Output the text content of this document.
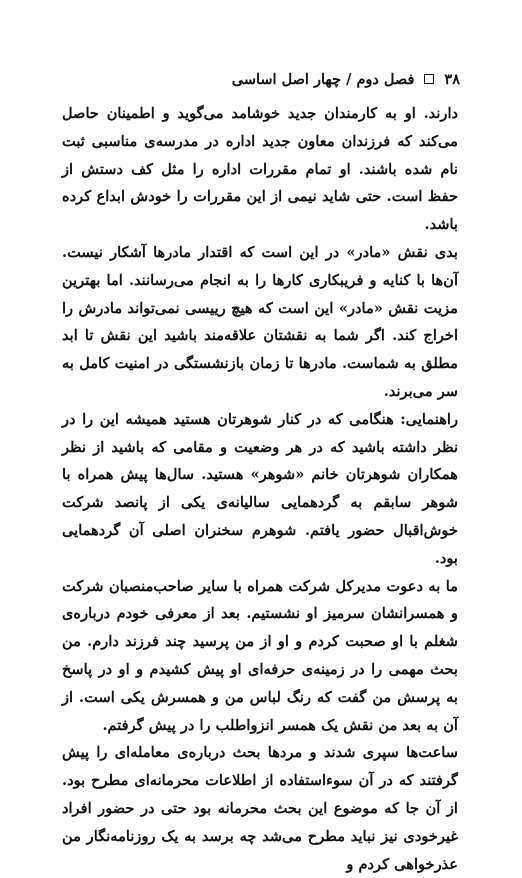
۳۸
فصل دوم / چهار اصل اساسی

دارند. او به کارمندان جدید خوشامد می‌گوید و اطمینان حاصل می‌کند که فرزندان معاون جدید اداره در مدرسه‌ی مناسبی ثبت نام شده باشند. او تمام مقررات اداره را مثل کف دستش از حفظ است. حتی شاید نیمی از این مقررات را خودش ابداع کرده باشد.

بدی نقش «مادر» در این است که اقتدار مادرها آشکار نیست. آن‌ها با کنایه و فریبکاری کارها را به انجام می‌رسانند. اما بهترین مزیت نقش «مادر» این است که هیچ رییسی نمی‌تواند مادرش را اخراج کند. اگر شما به نقشتان علاقه‌مند باشید این نقش تا ابد مطلق به شماست. مادرها تا زمان بازنشستگی در امنیت کامل به سر می‌برند.

راهنمایی: هنگامی که در کنار شوهرتان هستید همیشه این را در نظر داشته باشید که در هر وضعیت و مقامی که باشید از نظر همکاران شوهرتان خانم «شوهر» هستید. سال‌ها پیش همراه با شوهر سابقم به گردهمایی سالیانه‌ی یکی از پانصد شرکت خوش‌اقبال حضور یافتم. شوهرم سخنران اصلی آن گردهمایی بود.

ما به دعوت مدیرکل شرکت همراه با سایر صاحب‌منصبان شرکت و همسرانشان سرمیز او نشستیم. بعد از معرفی خودم درباره‌ی شغلم با او صحبت کردم و او از من پرسید چند فرزند دارم. من بحث مهمی را در زمینه‌ی حرفه‌ای او پیش کشیدم و او در پاسخ به پرسش من گفت که رنگ لباس من و همسرش یکی است. از آن به بعد من نقش یک همسر انزواطلب را در پیش گرفتم.

ساعت‌ها سپری شدند و مردها بحث درباره‌ی معامله‌ای را پیش گرفتند که در آن سوءاستفاده از اطلاعات محرمانه‌ای مطرح بود. از آن جا که موضوع این بحث محرمانه بود حتی در حضور افراد غیرخودی نیز نباید مطرح می‌شد چه برسد به یک روزنامه‌نگار من عذرخواهی کردم و
